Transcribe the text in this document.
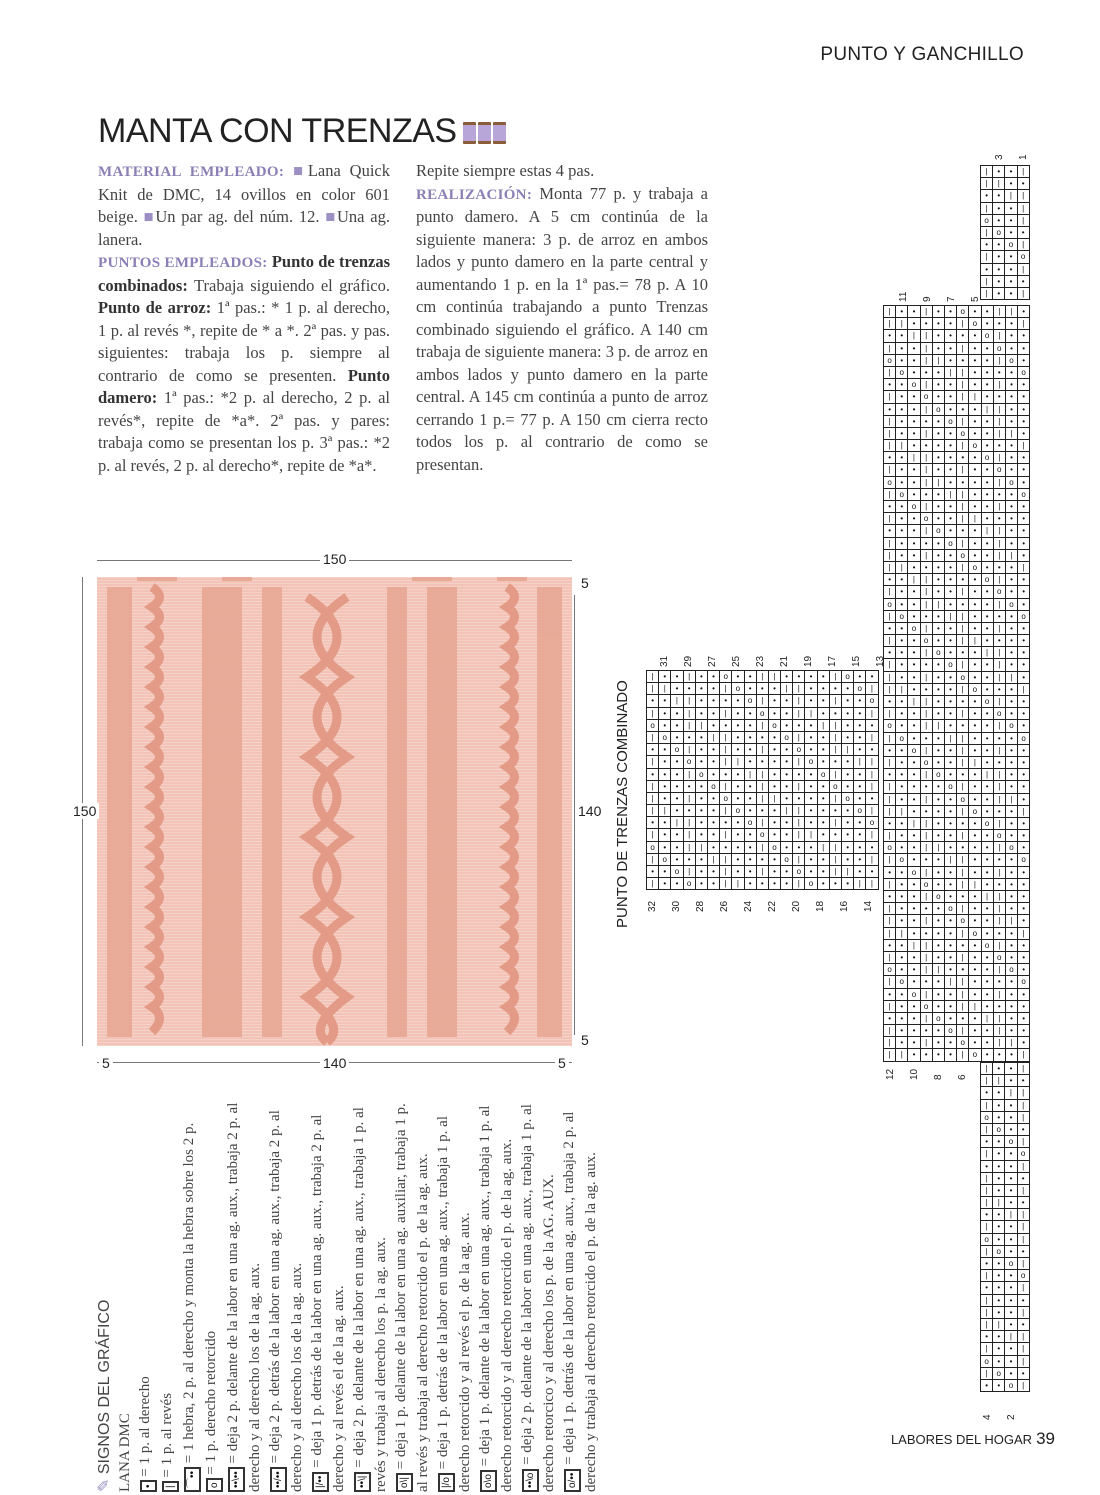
PUNTO Y GANCHILLO
MANTA CON TRENZAS
MATERIAL EMPLEADO: ■Lana Quick Knit de DMC, 14 ovillos en color 601 beige. ■Un par ag. del núm. 12. ■Una ag. lanera.
PUNTOS EMPLEADOS: Punto de trenzas combinados: Trabaja siguiendo el gráfico. Punto de arroz: 1ª pas.: * 1 p. al derecho, 1 p. al revés *, repite de * a *. 2ª pas. y pas. siguientes: trabaja los p. siempre al contrario de como se presenten. Punto damero: 1ª pas.: *2 p. al derecho, 2 p. al revés*, repite de *a*. 2ª pas. y pares: trabaja como se presentan los p. 3ª pas.: *2 p. al revés, 2 p. al derecho*, repite de *a*.
Repite siempre estas 4 pas.
REALIZACIÓN: Monta 77 p. y trabaja a punto damero. A 5 cm continúa de la siguiente manera: 3 p. de arroz en ambos lados y punto damero en la parte central y aumentando 1 p. en la 1ª pas.= 78 p. A 10 cm continúa trabajando a punto Trenzas combinado siguiendo el gráfico. A 140 cm trabaja de siguiente manera: 3 p. de arroz en ambos lados y punto damero en la parte central. A 145 cm continúa a punto de arroz cerrando 1 p.= 77 p. A 150 cm cierra recto todos los p. al contrario de como se presentan.
150
150	140
5
5
5	140	5
PUNTO DE TRENZAS COMBINADO
|	•	•	|
|	|	•	•
•	•	|	|
|	•	•	|
o	•	•	|
|	o	•	•
•	•	o	|
|	•	•	o
•	•	•	|
|	•	•	•
|	•	•	|
|	•	•	|	•	•	o	•	•	|	|	•
|	|	•	•	•	•	|	o	•	•	•	|
•	•	|	|	•	•	•	•	o	|	•	•
|	•	•	|	•	•	|	•	•	o	•	•
o	•	•	|	|	•	•	•	•	|	o	•
|	o	•	•	•	|	|	•	•	•	•	o
•	•	o	|	•	•	|	•	•	|	•	•
|	•	•	o	•	•	|	|	•	•	•	•
•	•	•	|	o	•	•	•	|	|	•	•
|	•	•	•	•	o	|	•	•	|	•	•
|	•	•	|	•	•	o	•	•	|	|	•
|	|	•	•	•	•	|	o	•	•	•	|
•	•	|	|	•	•	•	•	o	|	•	•
|	•	•	|	•	•	|	•	•	o	•	•
o	•	•	|	|	•	•	•	•	|	o	•
|	o	•	•	•	|	|	•	•	•	•	o
•	•	o	|	•	•	|	•	•	|	•	•
|	•	•	o	•	•	|	|	•	•	•	•
•	•	•	|	o	•	•	•	|	|	•	•
|	•	•	•	•	o	|	•	•	|	•	•
|	•	•	|	•	•	o	•	•	|	|	•
|	|	•	•	•	•	|	o	•	•	•	|
•	•	|	|	•	•	•	•	o	|	•	•
|	•	•	|	•	•	|	•	•	o	•	•
o	•	•	|	|	•	•	•	•	|	o	•
|	o	•	•	•	|	|	•	•	•	•	o
•	•	o	|	•	•	|	•	•	|	•	•
|	•	•	o	•	•	|	|	•	•	•	•
•	•	•	|	o	•	•	•	|	|	•	•
|	•	•	•	•	o	|	•	•	|	•	•
|	•	•	|	•	•	o	•	•	|	|	•
|	|	•	•	•	•	|	o	•	•	•	|
•	•	|	|	•	•	•	•	o	|	•	•
|	•	•	|	•	•	|	•	•	o	•	•
o	•	•	|	|	•	•	•	•	|	o	•
|	o	•	•	•	|	|	•	•	•	•	o
•	•	o	|	•	•	|	•	•	|	•	•
|	•	•	o	•	•	|	|	•	•	•	•
•	•	•	|	o	•	•	•	|	|	•	•
|	•	•	•	•	o	|	•	•	|	•	•
|	•	•	|	•	•	o	•	•	|	|	•
|	|	•	•	•	•	|	o	•	•	•	|
•	•	|	|	•	•	•	•	o	|	•	•
|	•	•	|	•	•	|	•	•	o	•	•
o	•	•	|	|	•	•	•	•	|	o	•
|	o	•	•	•	|	|	•	•	•	•	o
•	•	o	|	•	•	|	•	•	|	•	•
|	•	•	o	•	•	|	|	•	•	•	•
•	•	•	|	o	•	•	•	|	|	•	•
|	•	•	•	•	o	|	•	•	|	•	•
|	•	•	|	•	•	o	•	•	|	|	•
|	|	•	•	•	•	|	o	•	•	•	|
•	•	|	|	•	•	•	•	o	|	•	•
|	•	•	|	•	•	|	•	•	o	•	•
o	•	•	|	|	•	•	•	•	|	o	•
|	o	•	•	•	|	|	•	•	•	•	o
•	•	o	|	•	•	|	•	•	|	•	•
|	•	•	o	•	•	|	|	•	•	•	•
•	•	•	|	o	•	•	•	|	|	•	•
|	•	•	•	•	o	|	•	•	|	•	•
|	•	•	|	•	•	o	•	•	|	|	•
|	|	•	•	•	•	|	o	•	•	•	|
|	•	•	|	•	•	o	•	•	|	|	•	•	•	•	|	o	•	•
|	|	•	•	•	•	|	o	•	•	•	|	|	•	•	•	•	o	|
•	•	|	|	•	•	•	•	o	|	•	•	|	•	•	|	•	•	o
|	•	•	|	•	•	|	•	•	o	•	•	|	|	•	•	•	•	|
o	•	•	|	|	•	•	•	•	|	o	•	•	•	|	|	•	•	•
|	o	•	•	•	|	|	•	•	•	•	o	|	•	•	|	•	•	|
•	•	o	|	•	•	|	•	•	|	•	•	o	•	•	|	|	•	•
|	•	•	o	•	•	|	|	•	•	•	•	|	o	•	•	•	|	|
•	•	•	|	o	•	•	•	|	|	•	•	•	•	o	|	•	•	|
|	•	•	•	•	o	|	•	•	|	•	•	|	•	•	o	•	•	|
|	•	•	|	•	•	o	•	•	|	|	•	•	•	•	|	o	•	•
|	|	•	•	•	•	|	o	•	•	•	|	|	•	•	•	•	o	|
•	•	|	|	•	•	•	•	o	|	•	•	|	•	•	|	•	•	o
|	•	•	|	•	•	|	•	•	o	•	•	|	|	•	•	•	•	|
o	•	•	|	|	•	•	•	•	|	o	•	•	•	|	|	•	•	•
|	o	•	•	•	|	|	•	•	•	•	o	|	•	•	|	•	•	|
•	•	o	|	•	•	|	•	•	|	•	•	o	•	•	|	|	•	•
|	•	•	o	•	•	|	|	•	•	•	•	|	o	•	•	•	|	|
|	•	•	|
|	|	•	•
•	•	|	|
|	•	•	|
o	•	•	|
|	o	•	•
•	•	o	|
|	•	•	o
•	•	•	|
|	•	•	•
|	•	•	|
|	|	•	•
•	•	|	|
|	•	•	|
o	•	•	|
|	o	•	•
•	•	o	|
|	•	•	o
•	•	•	|
|	•	•	•
|	•	•	|
|	|	•	•
•	•	|	|
|	•	•	|
o	•	•	|
|	o	•	•
•	•	o	|
3 1
11 9 7 5
31 29 27 25 23 21 19 17 15 13
32 30 28 26 24 22 20 18 16 14
12 10 8 6
4 2

✎ SIGNOS DEL GRÁFICO LANA DMC	• = 1 p. al derecho

| = 1 p. al revés

⌒•• = 1 hebra, 2 p. al derecho y monta la hebra sobre los 2 p.

o = 1 p. derecho retorcido

••\•• = deja 2 p. delante de la labor en una ag. aux., trabaja 2 p. al derecho y al derecho los de la ag. aux.	••/•• = deja 2 p. detrás de la labor en una ag. aux., trabaja 2 p. al derecho y al derecho los de la ag. aux.	|/•• = deja 1 p. detrás de la labor en una ag. aux., trabaja 2 p. al derecho y al revés el de la ag. aux.	••\| = deja 2 p. delante de la labor en una ag. aux., trabaja 1 p. al revés y trabaja al derecho los p. la ag. aux.	o\| = deja 1 p. delante de la labor en una ag. auxiliar, trabaja 1 p. al revés y trabaja al derecho retorcido el p. de la ag. aux.	|/o = deja 1 p. detrás de la labor en una ag. aux., trabaja 1 p. al derecho retorcido y al revés el p. de la ag. aux.	o\o = deja 1 p. delante de la labor en una ag. aux., trabaja 1 p. al derecho retorcido y al derecho retorcido el p. de la ag. aux.	••\o = deja 2 p. delante de la labor en una ag. aux., trabaja 1 p. al derecho retorcico y al derecho los p. de la AG. AUX.	o/•• = deja 1 p. detrás de la labor en una ag. aux., trabaja 2 p. al derecho y trabaja al derecho retorcido el p. de la ag. aux.	LABORES DEL HOGAR 39
